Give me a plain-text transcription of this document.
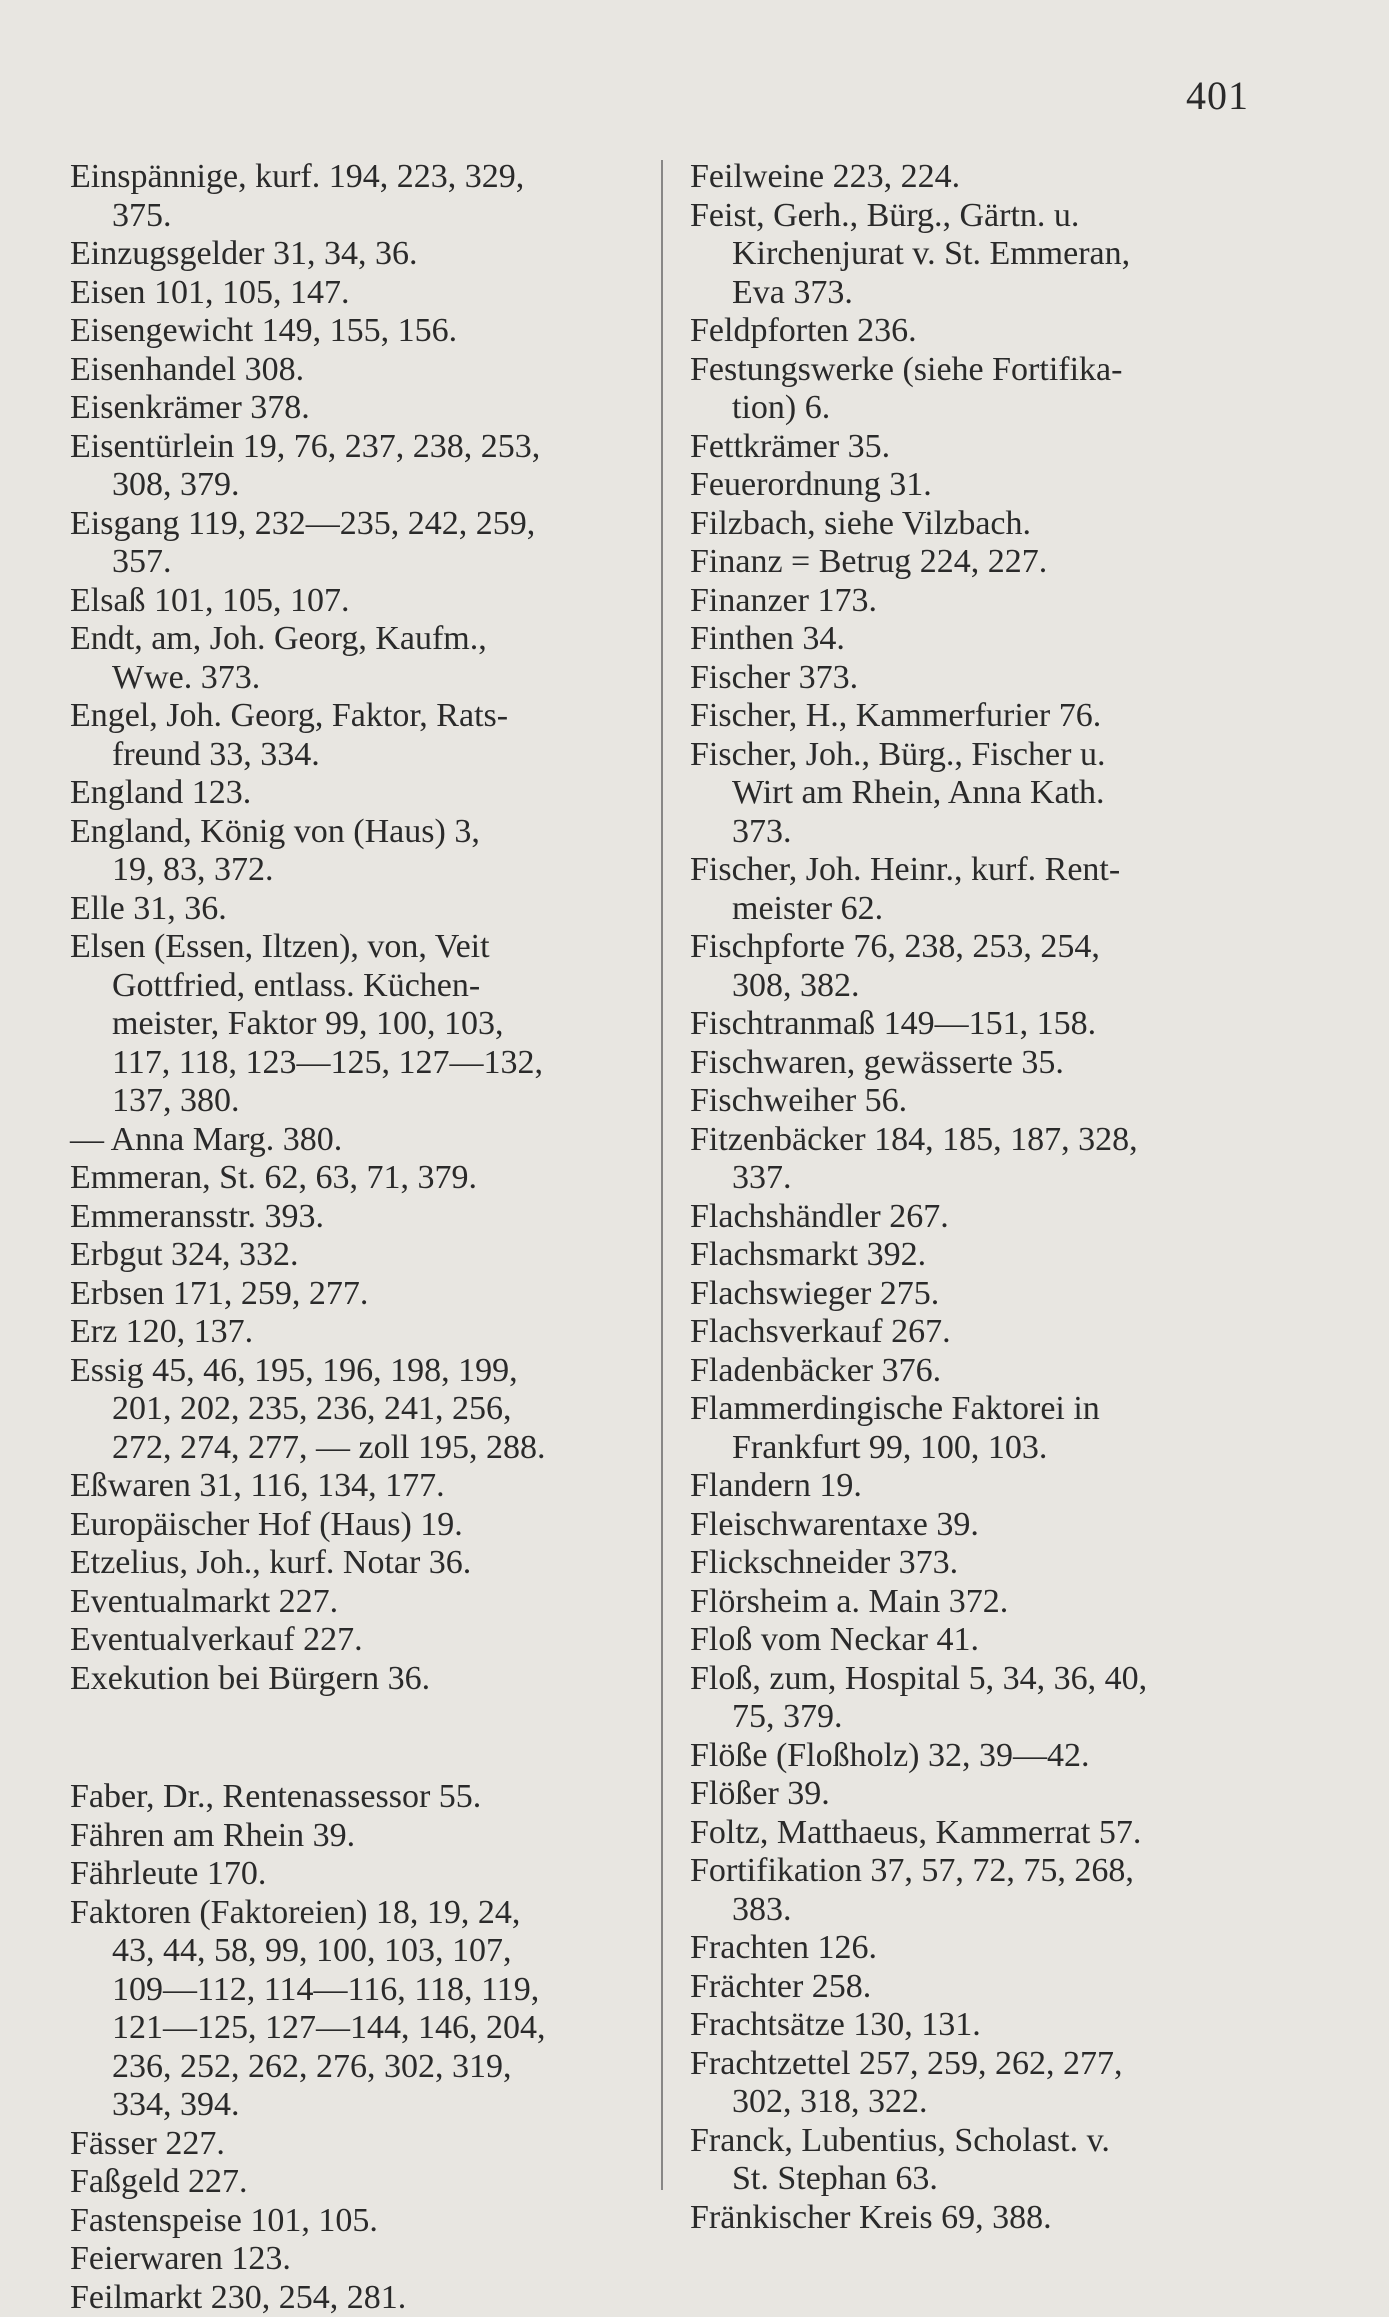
401
Einspännige, kurf. 194, 223, 329,
375.
Einzugsgelder 31, 34, 36.
Eisen 101, 105, 147.
Eisengewicht 149, 155, 156.
Eisenhandel 308.
Eisenkrämer 378.
Eisentürlein 19, 76, 237, 238, 253,
308, 379.
Eisgang 119, 232—235, 242, 259,
357.
Elsaß 101, 105, 107.
Endt, am, Joh. Georg, Kaufm.,
Wwe. 373.
Engel, Joh. Georg, Faktor, Rats-
freund 33, 334.
England 123.
England, König von (Haus) 3,
19, 83, 372.
Elle 31, 36.
Elsen (Essen, Iltzen), von, Veit
Gottfried, entlass. Küchen-
meister, Faktor 99, 100, 103,
117, 118, 123—125, 127—132,
137, 380.
— Anna Marg. 380.
Emmeran, St. 62, 63, 71, 379.
Emmeransstr. 393.
Erbgut 324, 332.
Erbsen 171, 259, 277.
Erz 120, 137.
Essig 45, 46, 195, 196, 198, 199,
201, 202, 235, 236, 241, 256,
272, 274, 277, — zoll 195, 288.
Eßwaren 31, 116, 134, 177.
Europäischer Hof (Haus) 19.
Etzelius, Joh., kurf. Notar 36.
Eventualmarkt 227.
Eventualverkauf 227.
Exekution bei Bürgern 36.
Faber, Dr., Rentenassessor 55.
Fähren am Rhein 39.
Fährleute 170.
Faktoren (Faktoreien) 18, 19, 24,
43, 44, 58, 99, 100, 103, 107,
109—112, 114—116, 118, 119,
121—125, 127—144, 146, 204,
236, 252, 262, 276, 302, 319,
334, 394.
Fässer 227.
Faßgeld 227.
Fastenspeise 101, 105.
Feierwaren 123.
Feilmarkt 230, 254, 281.
Feilweine 223, 224.
Feist, Gerh., Bürg., Gärtn. u.
Kirchenjurat v. St. Emmeran,
Eva 373.
Feldpforten 236.
Festungswerke (siehe Fortifika-
tion) 6.
Fettkrämer 35.
Feuerordnung 31.
Filzbach, siehe Vilzbach.
Finanz = Betrug 224, 227.
Finanzer 173.
Finthen 34.
Fischer 373.
Fischer, H., Kammerfurier 76.
Fischer, Joh., Bürg., Fischer u.
Wirt am Rhein, Anna Kath.
373.
Fischer, Joh. Heinr., kurf. Rent-
meister 62.
Fischpforte 76, 238, 253, 254,
308, 382.
Fischtranmaß 149—151, 158.
Fischwaren, gewässerte 35.
Fischweiher 56.
Fitzenbäcker 184, 185, 187, 328,
337.
Flachshändler 267.
Flachsmarkt 392.
Flachswieger 275.
Flachsverkauf 267.
Fladenbäcker 376.
Flammerdingische Faktorei in
Frankfurt 99, 100, 103.
Flandern 19.
Fleischwarentaxe 39.
Flickschneider 373.
Flörsheim a. Main 372.
Floß vom Neckar 41.
Floß, zum, Hospital 5, 34, 36, 40,
75, 379.
Flöße (Floßholz) 32, 39—42.
Flößer 39.
Foltz, Matthaeus, Kammerrat 57.
Fortifikation 37, 57, 72, 75, 268,
383.
Frachten 126.
Frächter 258.
Frachtsätze 130, 131.
Frachtzettel 257, 259, 262, 277,
302, 318, 322.
Franck, Lubentius, Scholast. v.
St. Stephan 63.
Fränkischer Kreis 69, 388.
